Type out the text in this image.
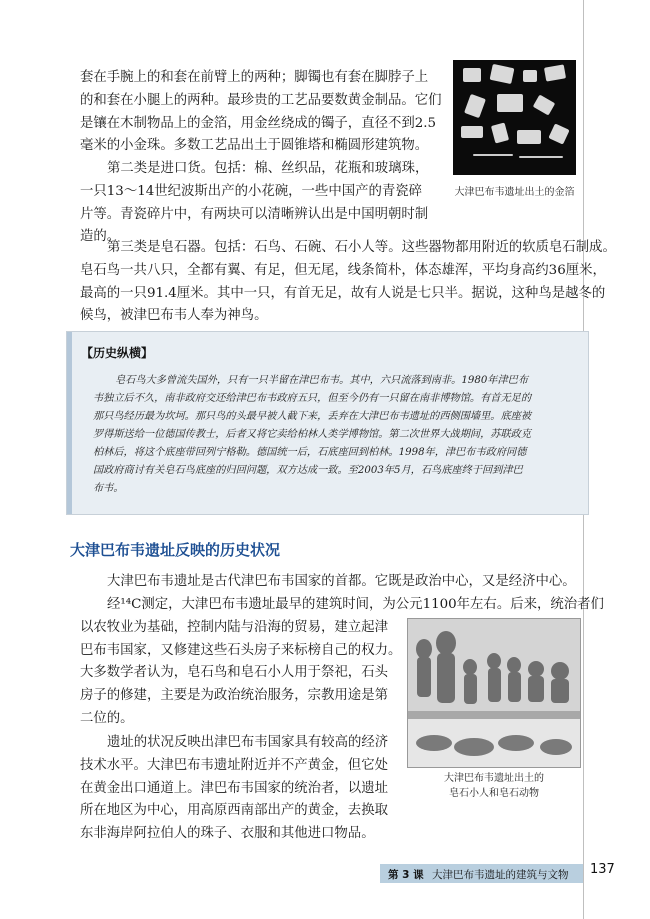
套在手腕上的和套在前臂上的两种；脚镯也有套在脚脖子上
的和套在小腿上的两种。最珍贵的工艺品要数黄金制品。它们
是镶在木制物品上的金箔，用金丝绕成的镯子，直径不到2.5
毫米的小金珠。多数工艺品出土于圆锥塔和椭圆形建筑物。
第二类是进口货。包括：棉、丝织品，花瓶和玻璃珠，
一只13～14世纪波斯出产的小花碗，一些中国产的青瓷碎
片等。青瓷碎片中，有两块可以清晰辨认出是中国明朝时制
造的。
大津巴布韦遗址出土的金箔
第三类是皂石器。包括：石鸟、石碗、石小人等。这些器物都用附近的软质皂石制成。
皂石鸟一共八只，全都有翼、有足，但无尾，线条简朴，体态雄浑，平均身高约36厘米，
最高的一只91.4厘米。其中一只，有首无足，故有人说是七只半。据说，这种鸟是越冬的
候鸟，被津巴布韦人奉为神鸟。
【历史纵横】
皂石鸟大多曾流失国外，只有一只半留在津巴布韦。其中，六只流落到南非。1980年津巴布
韦独立后不久，南非政府交还给津巴布韦政府五只，但至今仍有一只留在南非博物馆。有首无足的
那只鸟经历最为坎坷。那只鸟的头最早被人截下来，丢弃在大津巴布韦遗址的西侧围墙里。底座被
罗得斯送给一位德国传教士，后者又将它卖给柏林人类学博物馆。第二次世界大战期间，苏联政克
柏林后，将这个底座带回列宁格勒。德国统一后，石底座回到柏林。1998年，津巴布韦政府同德
国政府商讨有关皂石鸟底座的归回问题，双方达成一致。至2003年5月，石鸟底座终于回到津巴
布韦。
大津巴布韦遗址反映的历史状况
大津巴布韦遗址是古代津巴布韦国家的首都。它既是政治中心，又是经济中心。
经¹⁴C测定，大津巴布韦遗址最早的建筑时间，为公元1100年左右。后来，统治者们
以农牧业为基础，控制内陆与沿海的贸易，建立起津
巴布韦国家，又修建这些石头房子来标榜自己的权力。
大多数学者认为，皂石鸟和皂石小人用于祭祀，石头
房子的修建，主要是为政治统治服务，宗教用途是第
二位的。
大津巴布韦遗址出土的
皂石小人和皂石动物
遗址的状况反映出津巴布韦国家具有较高的经济
技术水平。大津巴布韦遗址附近并不产黄金，但它处
在黄金出口通道上。津巴布韦国家的统治者，以遗址
所在地区为中心，用高原西南部出产的黄金，去换取
东非海岸阿拉伯人的珠子、衣服和其他进口物品。
第 3 课 大津巴布韦遗址的建筑与文物 137
